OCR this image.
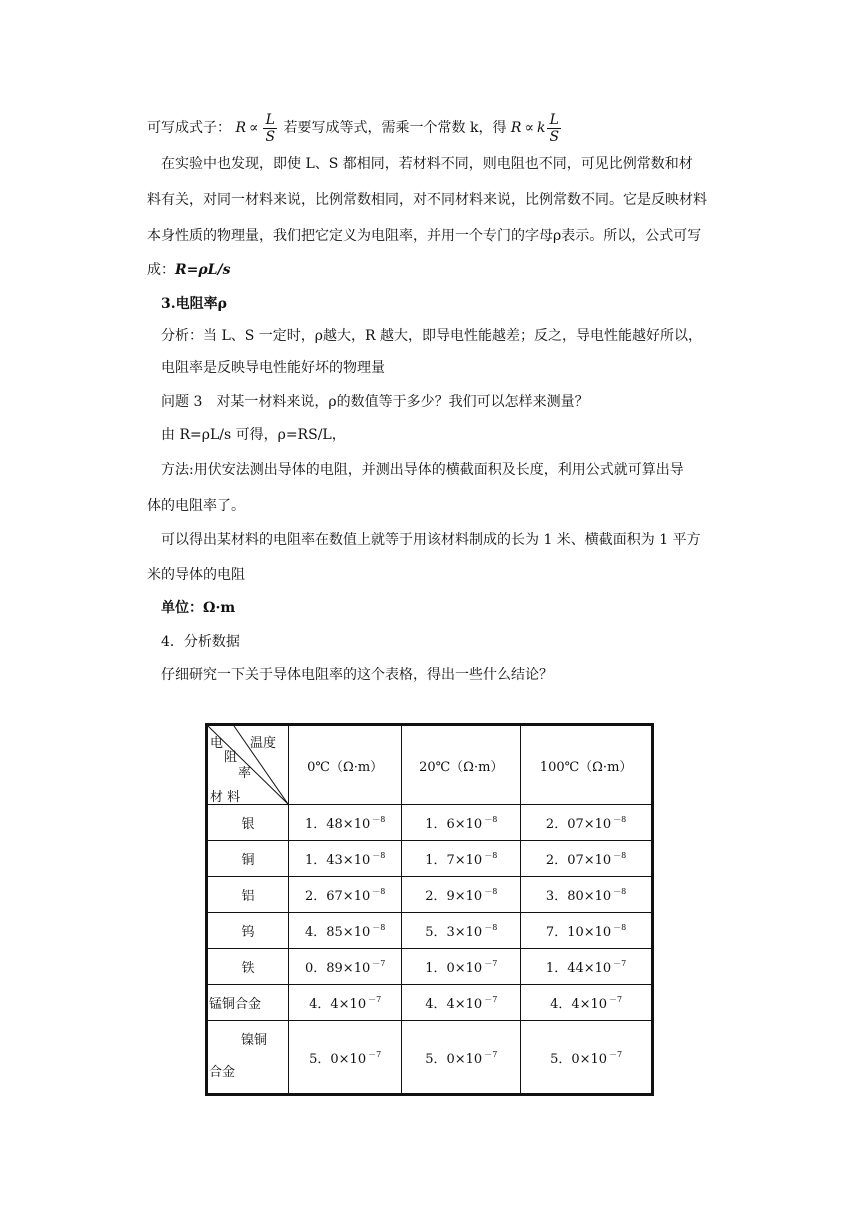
可写成式子： $R \propto \frac{L}{S}$ 若要写成等式，需乘一个常数 k，得 R ∝ k $\frac{L}{S}$
在实验中也发现，即使 L、S 都相同，若材料不同，则电阻也不同，可见比例常数和材
料有关，对同一材料来说，比例常数相同，对不同材料来说，比例常数不同。它是反映材料
本身性质的物理量，我们把它定义为电阻率，并用一个专门的字母ρ表示。所以，公式可写
成：R=ρL/s
3.电阻率ρ
分析：当 L、S 一定时，ρ越大，R 越大，即导电性能越差；反之，导电性能越好所以，
电阻率是反映导电性能好坏的物理量
问题 3　对某一材料来说，ρ的数值等于多少？我们可以怎样来测量？
由 R=ρL/s 可得，ρ=RS/L，
方法:用伏安法测出导体的电阻，并测出导体的横截面积及长度，利用公式就可算出导
体的电阻率了。
可以得出某材料的电阻率在数值上就等于用该材料制成的长为 1 米、横截面积为 1 平方
米的导体的电阻
单位：Ω·m
4．分析数据
仔细研究一下关于导体电阻率的这个表格，得出一些什么结论？
电
阻
率
温度
材 料	0℃（Ω·m）	20℃（Ω·m）	100℃（Ω·m）
银	1．48×10 $^{-8}$	1．6×10 $^{-8}$	2．07×10 $^{-8}$
铜	1．43×10 $^{-8}$	1．7×10 $^{-8}$	2．07×10 $^{-8}$
铝	2．67×10 $^{-8}$	2．9×10 $^{-8}$	3．80×10 $^{-8}$
钨	4．85×10 $^{-8}$	5．3×10 $^{-8}$	7．10×10 $^{-8}$
铁	0．89×10 $^{-7}$	1．0×10 $^{-7}$	1．44×10 $^{-7}$
锰铜合金	4．4×10 $^{-7}$	4．4×10 $^{-7}$	4．4×10 $^{-7}$

镍铜
合金	5．0×10 $^{-7}$	5．0×10 $^{-7}$	5．0×10 $^{-7}$
